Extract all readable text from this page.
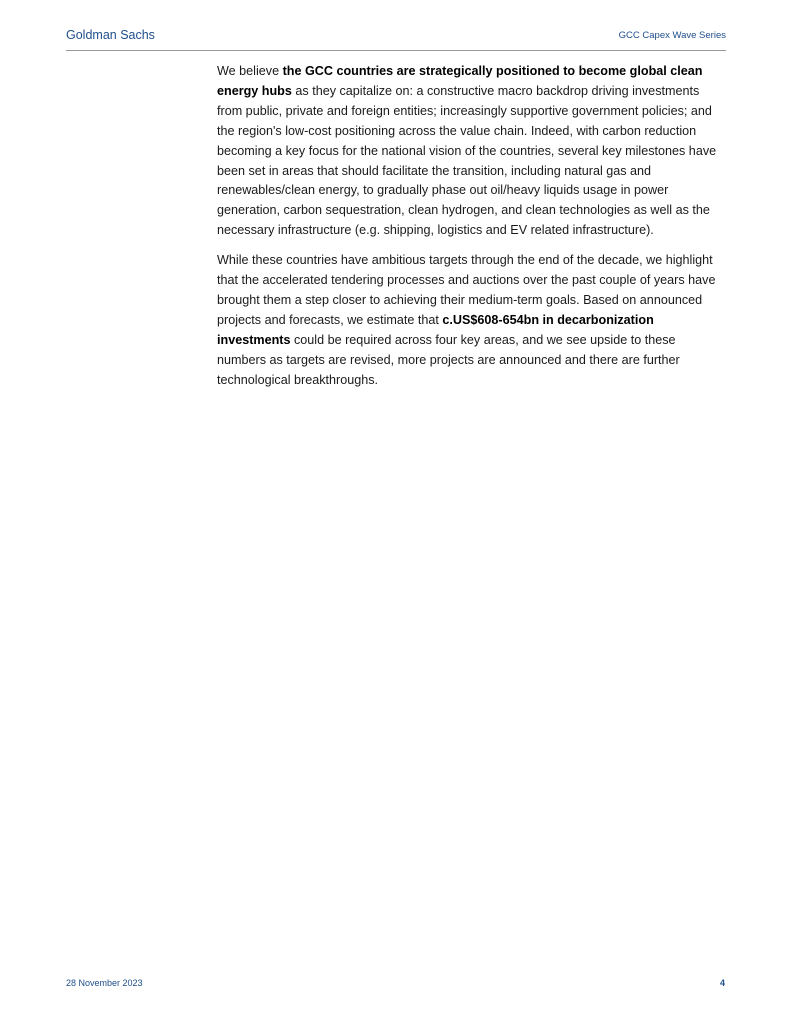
Goldman Sachs	GCC Capex Wave Series

We believe the GCC countries are strategically positioned to become global clean energy hubs as they capitalize on: a constructive macro backdrop driving investments from public, private and foreign entities; increasingly supportive government policies; and the region's low-cost positioning across the value chain. Indeed, with carbon reduction becoming a key focus for the national vision of the countries, several key milestones have been set in areas that should facilitate the transition, including natural gas and renewables/clean energy, to gradually phase out oil/heavy liquids usage in power generation, carbon sequestration, clean hydrogen, and clean technologies as well as the necessary infrastructure (e.g. shipping, logistics and EV related infrastructure).

While these countries have ambitious targets through the end of the decade, we highlight that the accelerated tendering processes and auctions over the past couple of years have brought them a step closer to achieving their medium-term goals. Based on announced projects and forecasts, we estimate that c.US$608-654bn in decarbonization investments could be required across four key areas, and we see upside to these numbers as targets are revised, more projects are announced and there are further technological breakthroughs.

28 November 2023	4
